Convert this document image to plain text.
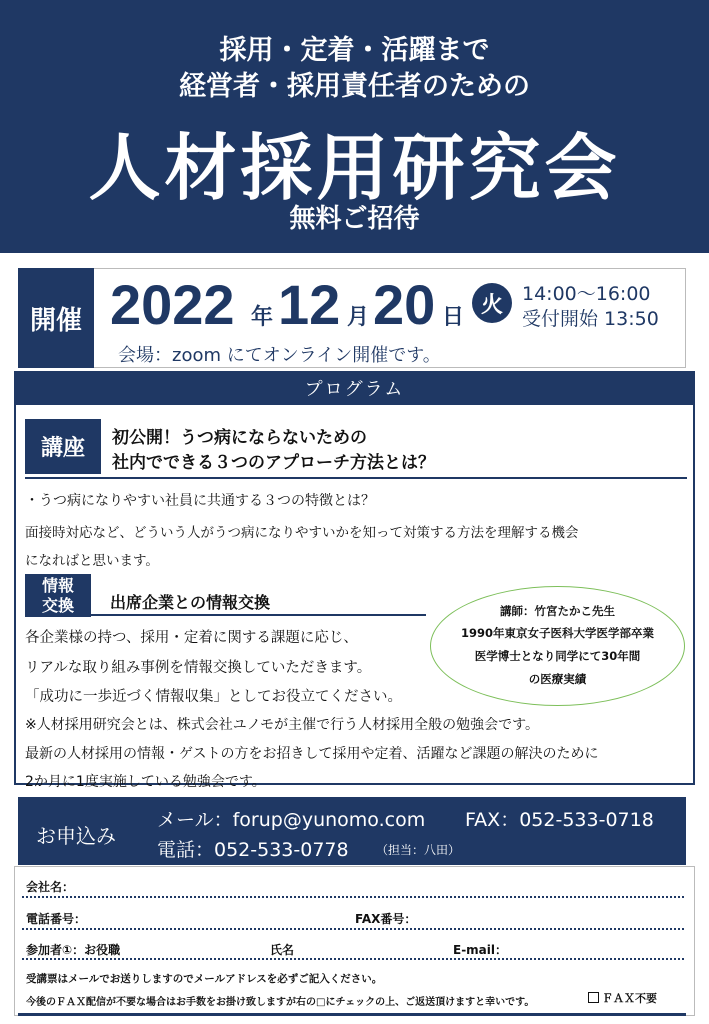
採用・定着・活躍まで
経営者・採用責任者のための
人材採用研究会
無料ご招待
開催 2022 年 12 月 20 日 火	14:00～16:00
受付開始 13:50
会場：zoom にてオンライン開催です。
プログラム
講座	初公開！うつ病にならないための
社内でできる３つのアプローチ方法とは？
・うつ病になりやすい社員に共通する３つの特徴とは？
面接時対応など、どういう人がうつ病になりやすいかを知って対策する方法を理解する機会
になればと思います。
情報
交換 出席企業との情報交換
各企業様の持つ、採用・定着に関する課題に応じ、
リアルな取り組み事例を情報交換していただきます。
「成功に一歩近づく情報収集」としてお役立てください。
※人材採用研究会とは、株式会社ユノモが主催で行う人材採用全般の勉強会です。
最新の人材採用の情報・ゲストの方をお招きして採用や定着、活躍など課題の解決のために
2か月に1度実施している勉強会です。
講師：竹宮たかこ先生
1990年東京女子医科大学医学部卒業
医学博士となり同学にて30年間
の医療実績
お申込み
メール：forup@yunomo.com FAX：052-533-0718
電話：052-533-0778 （担当：八田）
会社名：
電話番号：	FAX番号：
参加者①：お役職	氏名	E-mail：
受講票はメールでお送りしますのでメールアドレスを必ずご記入ください。
今後のＦＡＸ配信が不要な場合はお手数をお掛け致しますが右の□にチェックの上、ご返送頂けますと幸いです。	ＦＡＸ不要
